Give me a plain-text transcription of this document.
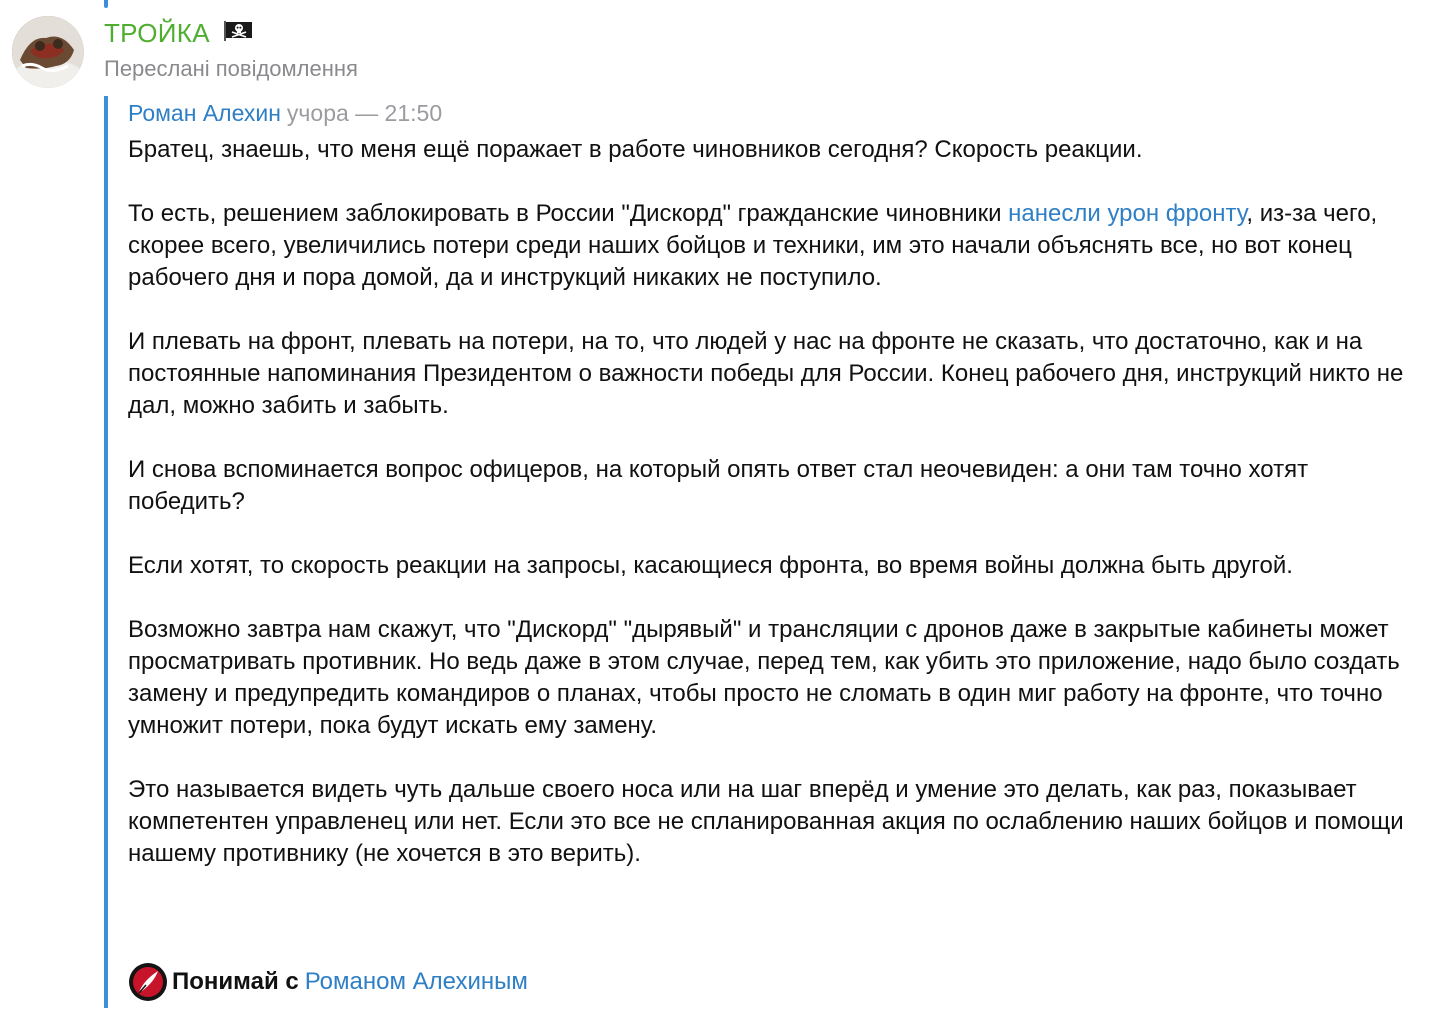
ТРОЙКА
Переслані повідомлення
Роман Алехин учора — 21:50

Братец, знаешь, что меня ещё поражает в работе чиновников сегодня? Скорость реакции.

То есть, решением заблокировать в России "Дискорд" гражданские чиновники нанесли урон фронту, из-за чего, скорее всего, увеличились потери среди наших бойцов и техники, им это начали объяснять все, но вот конец рабочего дня и пора домой, да и инструкций никаких не поступило.

И плевать на фронт, плевать на потери, на то, что людей у нас на фронте не сказать, что достаточно, как и на постоянные напоминания Президентом о важности победы для России. Конец рабочего дня, инструкций никто не дал, можно забить и забыть.

И снова вспоминается вопрос офицеров, на который опять ответ стал неочевиден: а они там точно хотят победить?

Если хотят, то скорость реакции на запросы, касающиеся фронта, во время войны должна быть другой.

Возможно завтра нам скажут, что "Дискорд" "дырявый" и трансляции с дронов даже в закрытые кабинеты может просматривать противник. Но ведь даже в этом случае, перед тем, как убить это приложение, надо было создать замену и предупредить командиров о планах, чтобы просто не сломать в один миг работу на фронте, что точно умножит потери, пока будут искать ему замену.

Это называется видеть чуть дальше своего носа или на шаг вперёд и умение это делать, как раз, показывает компетентен управленец или нет. Если это все не спланированная акция по ослаблению наших бойцов и помощи нашему противнику (не хочется в это верить).

Понимай с Романом Алехиным
